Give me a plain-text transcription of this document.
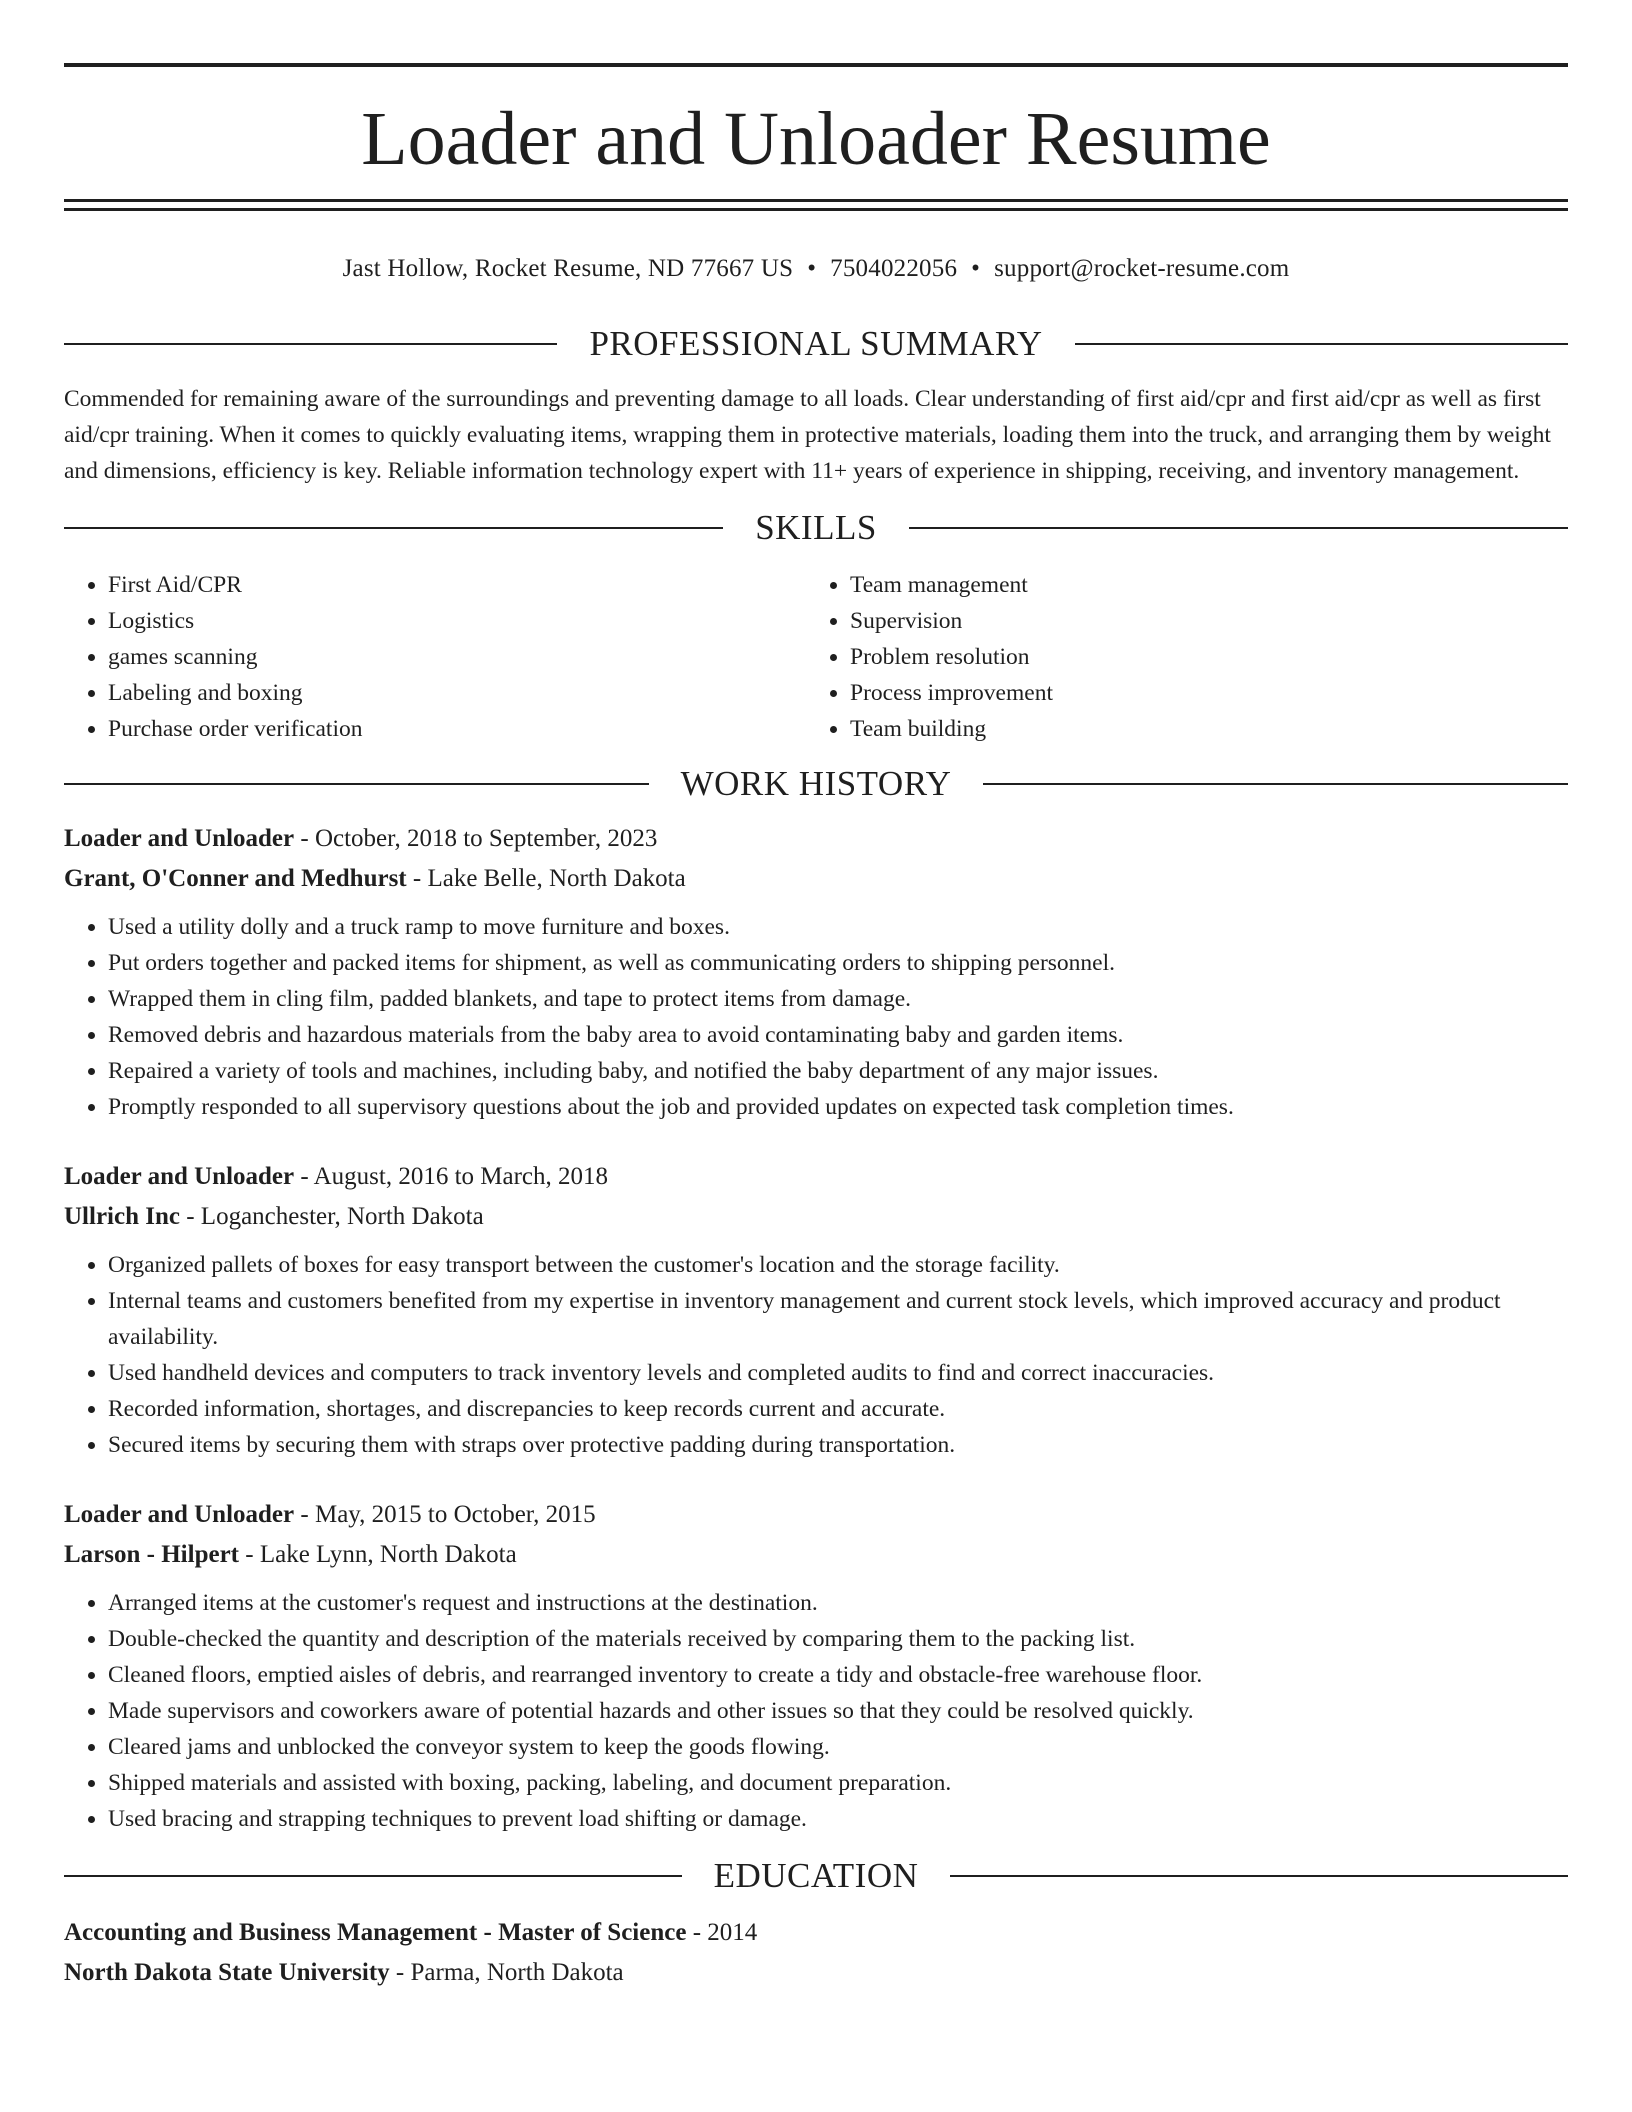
Loader and Unloader Resume
Jast Hollow, Rocket Resume, ND 77667 US • 7504022056 • support@rocket-resume.com
PROFESSIONAL SUMMARY

Commended for remaining aware of the surroundings and preventing damage to all loads. Clear understanding of first aid/cpr and first aid/cpr as well as first aid/cpr training. When it comes to quickly evaluating items, wrapping them in protective materials, loading them into the truck, and arranging them by weight and dimensions, efficiency is key. Reliable information technology expert with 11+ years of experience in shipping, receiving, and inventory management.

SKILLS
• First Aid/CPR
• Logistics
• games scanning
• Labeling and boxing
• Purchase order verification
• Team management
• Supervision
• Problem resolution
• Process improvement
• Team building
WORK HISTORY
Loader and Unloader - October, 2018 to September, 2023
Grant, O'Conner and Medhurst - Lake Belle, North Dakota
• Used a utility dolly and a truck ramp to move furniture and boxes.
• Put orders together and packed items for shipment, as well as communicating orders to shipping personnel.
• Wrapped them in cling film, padded blankets, and tape to protect items from damage.
• Removed debris and hazardous materials from the baby area to avoid contaminating baby and garden items.
• Repaired a variety of tools and machines, including baby, and notified the baby department of any major issues.
• Promptly responded to all supervisory questions about the job and provided updates on expected task completion times.
Loader and Unloader - August, 2016 to March, 2018
Ullrich Inc - Loganchester, North Dakota
• Organized pallets of boxes for easy transport between the customer's location and the storage facility.
• Internal teams and customers benefited from my expertise in inventory management and current stock levels, which improved accuracy and product availability.
• Used handheld devices and computers to track inventory levels and completed audits to find and correct inaccuracies.
• Recorded information, shortages, and discrepancies to keep records current and accurate.
• Secured items by securing them with straps over protective padding during transportation.
Loader and Unloader - May, 2015 to October, 2015
Larson - Hilpert - Lake Lynn, North Dakota
• Arranged items at the customer's request and instructions at the destination.
• Double-checked the quantity and description of the materials received by comparing them to the packing list.
• Cleaned floors, emptied aisles of debris, and rearranged inventory to create a tidy and obstacle-free warehouse floor.
• Made supervisors and coworkers aware of potential hazards and other issues so that they could be resolved quickly.
• Cleared jams and unblocked the conveyor system to keep the goods flowing.
• Shipped materials and assisted with boxing, packing, labeling, and document preparation.
• Used bracing and strapping techniques to prevent load shifting or damage.
EDUCATION
Accounting and Business Management - Master of Science - 2014
North Dakota State University - Parma, North Dakota
